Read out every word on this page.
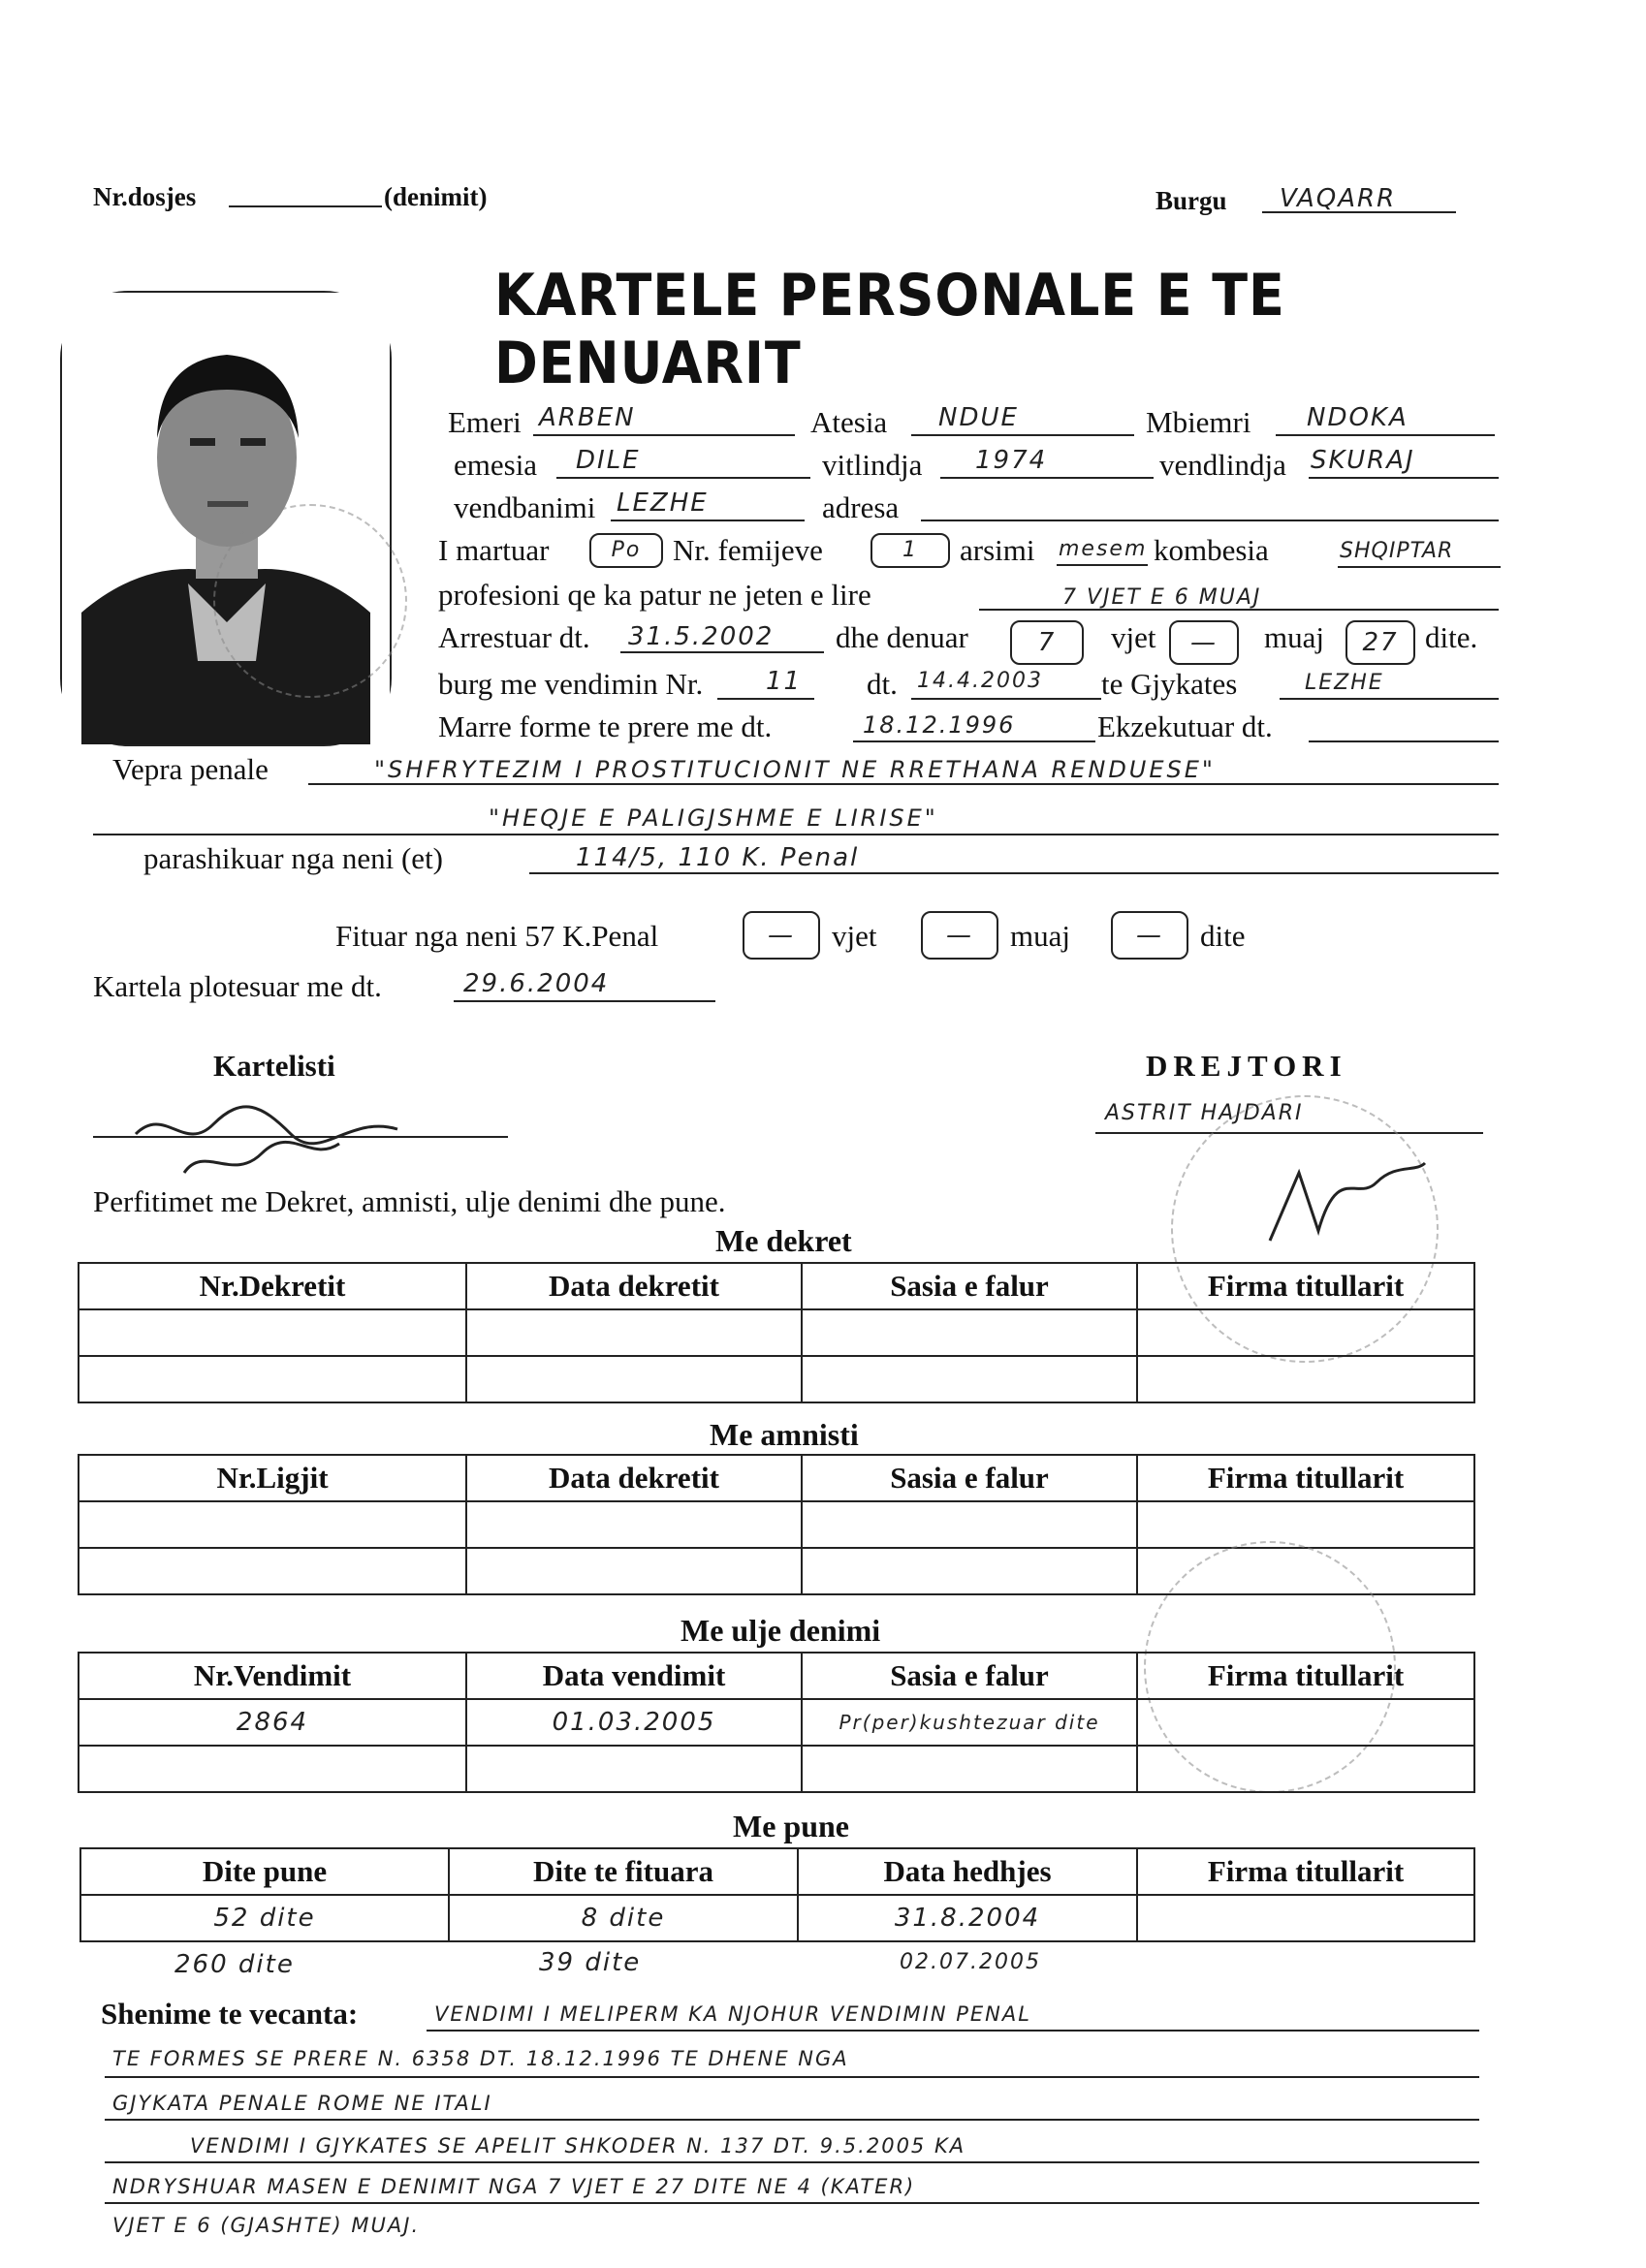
Nr.dosjes	(denimit)	Burgu VAQARR
KARTELE PERSONALE E TE DENUARIT
Emeri ARBEN	Atesia NDUE	Mbiemri NDOKA
emesia DILE	vitlindja 1974	vendlindja SKURAJ
vendbanimi LEZHE	adresa
I martuar	Po	Nr. femijeve	1	arsimi mesem kombesia	SHQIPTAR
profesioni qe ka patur ne jeten e lire	7 VJET E 6 MUAJ
Arrestuar dt. 31.5.2002 dhe denuar	7	vjet	—	muaj	27 dite.
burg me vendimin Nr. 11 dt. 14.4.2003 te Gjykates	LEZHE
Marre forme te prere me dt.	18.12.1996	Ekzekutuar dt.
Vepra penale	"SHFRYTEZIM I PROSTITUCIONIT NE RRETHANA RENDUESE"
"HEQJE E PALIGJSHME E LIRISE"
parashikuar nga neni (et)	114/5, 110 K. Penal
Fituar nga neni 57 K.Penal	—	vjet	—	muaj	—	dite
Kartela plotesuar me dt.	29.6.2004
Kartelisti	DREJTORI
ASTRIT HAJDARI
Perfitimet me Dekret, amnisti, ulje denimi dhe pune.
Me dekret
Nr.Dekretit	Data dekretit	Sasia e falur	Firma titullarit

Me amnisti
Nr.Ligjit	Data dekretit	Sasia e falur	Firma titullarit

Me ulje denimi
Nr.Vendimit	Data vendimit	Sasia e falur	Firma titullarit
2864	01.03.2005	Pr(per)kushtezuar dite	

Me pune
Dite pune	Dite te fituara	Data hedhjes	Firma titullarit
52 dite	8 dite	31.8.2004	
260 dite	39 dite	02.07.2005
Shenime te vecanta:	VENDIMI I MELIPERM KA NJOHUR VENDIMIN PENAL
TE FORMES SE PRERE N. 6358 DT. 18.12.1996 TE DHENE NGA
GJYKATA PENALE ROME NE ITALI
VENDIMI I GJYKATES SE APELIT SHKODER N. 137 DT. 9.5.2005 KA
NDRYSHUAR MASEN E DENIMIT NGA 7 VJET E 27 DITE NE 4 (KATER)
VJET E 6 (GJASHTE) MUAJ.
